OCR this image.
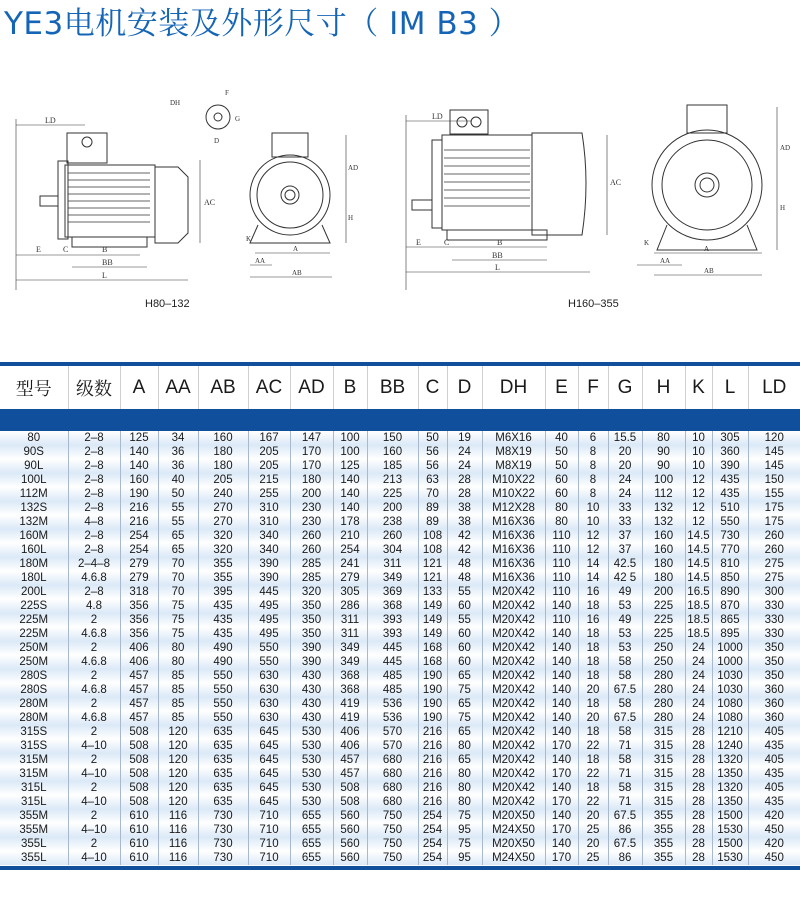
YE3电机安装及外形尺寸（ IM B3 ）
LD
E	C	B
BB
L
AC
DH
F
G
D
A
AA
AB
AD
H
K
H80–132
LD
E	C	B
BB
L
AC
A
AA
AB
AD
H
K
H160–355
型号	级数	A	AA	AB	AC	AD	B	BB	C	D	DH	E	F	G	H	K	L	LD

80	2–8	125	34	160	167	147	100	150	50	19	M6X16	40	6	15.5	80	10	305	120
90S	2–8	140	36	180	205	170	100	160	56	24	M8X19	50	8	20	90	10	360	145
90L	2–8	140	36	180	205	170	125	185	56	24	M8X19	50	8	20	90	10	390	145
100L	2–8	160	40	205	215	180	140	213	63	28	M10X22	60	8	24	100	12	435	150
112M	2–8	190	50	240	255	200	140	225	70	28	M10X22	60	8	24	112	12	435	155
132S	2–8	216	55	270	310	230	140	200	89	38	M12X28	80	10	33	132	12	510	175
132M	4–8	216	55	270	310	230	178	238	89	38	M16X36	80	10	33	132	12	550	175
160M	2–8	254	65	320	340	260	210	260	108	42	M16X36	110	12	37	160	14.5	730	260
160L	2–8	254	65	320	340	260	254	304	108	42	M16X36	110	12	37	160	14.5	770	260
180M	2–4–8	279	70	355	390	285	241	311	121	48	M16X36	110	14	42.5	180	14.5	810	275
180L	4.6.8	279	70	355	390	285	279	349	121	48	M16X36	110	14	42 5	180	14.5	850	275
200L	2–8	318	70	395	445	320	305	369	133	55	M20X42	110	16	49	200	16.5	890	300
225S	4.8	356	75	435	495	350	286	368	149	60	M20X42	140	18	53	225	18.5	870	330
225M	2	356	75	435	495	350	311	393	149	55	M20X42	110	16	49	225	18.5	865	330
225M	4.6.8	356	75	435	495	350	311	393	149	60	M20X42	140	18	53	225	18.5	895	330
250M	2	406	80	490	550	390	349	445	168	60	M20X42	140	18	53	250	24	1000	350
250M	4.6.8	406	80	490	550	390	349	445	168	60	M20X42	140	18	58	250	24	1000	350
280S	2	457	85	550	630	430	368	485	190	65	M20X42	140	18	58	280	24	1030	350
280S	4.6.8	457	85	550	630	430	368	485	190	75	M20X42	140	20	67.5	280	24	1030	360
280M	2	457	85	550	630	430	419	536	190	65	M20X42	140	18	58	280	24	1080	360
280M	4.6.8	457	85	550	630	430	419	536	190	75	M20X42	140	20	67.5	280	24	1080	360
315S	2	508	120	635	645	530	406	570	216	65	M20X42	140	18	58	315	28	1210	405
315S	4–10	508	120	635	645	530	406	570	216	80	M20X42	170	22	71	315	28	1240	435
315M	2	508	120	635	645	530	457	680	216	65	M20X42	140	18	58	315	28	1320	405
315M	4–10	508	120	635	645	530	457	680	216	80	M20X42	170	22	71	315	28	1350	435
315L	2	508	120	635	645	530	508	680	216	80	M20X42	140	18	58	315	28	1320	405
315L	4–10	508	120	635	645	530	508	680	216	80	M20X42	170	22	71	315	28	1350	435
355M	2	610	116	730	710	655	560	750	254	75	M20X50	140	20	67.5	355	28	1500	420
355M	4–10	610	116	730	710	655	560	750	254	95	M24X50	170	25	86	355	28	1530	450
355L	2	610	116	730	710	655	560	750	254	75	M20X50	140	20	67.5	355	28	1500	420
355L	4–10	610	116	730	710	655	560	750	254	95	M24X50	170	25	86	355	28	1530	450
